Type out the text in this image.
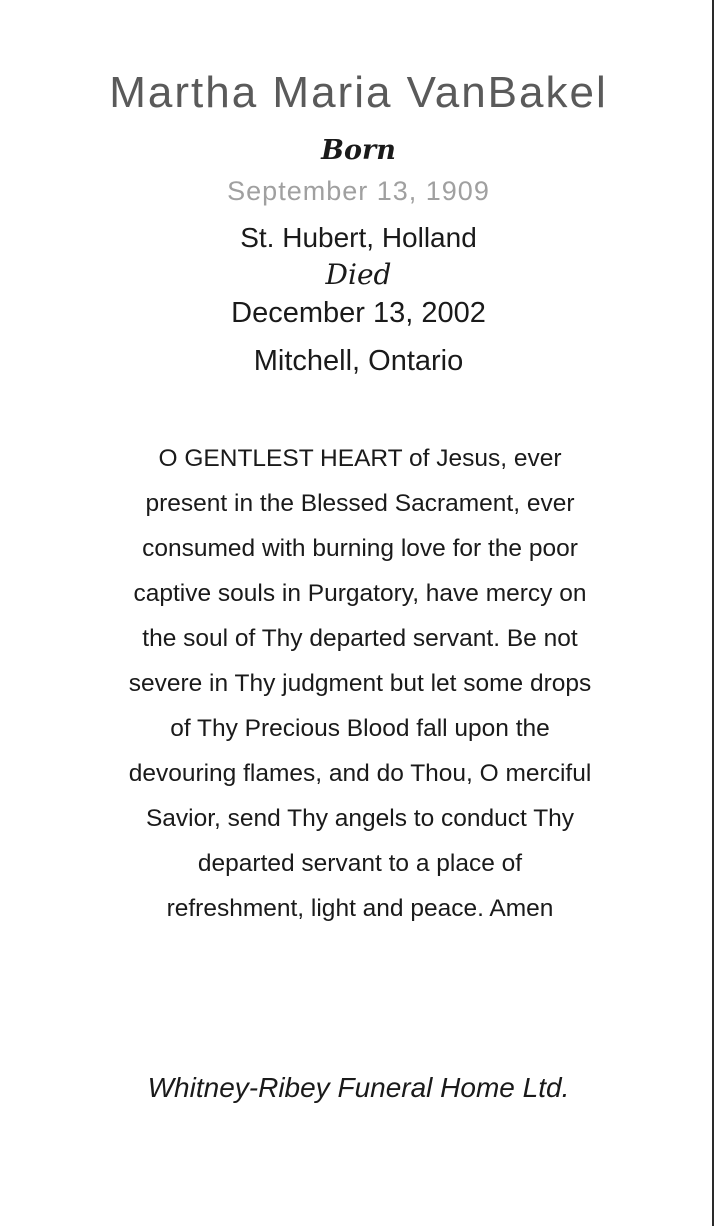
Martha Maria VanBakel
Born
September 13, 1909
St. Hubert, Holland
Died
December 13, 2002
Mitchell, Ontario
O GENTLEST HEART of Jesus, ever
present in the Blessed Sacrament, ever
consumed with burning love for the poor
captive souls in Purgatory, have mercy on
the soul of Thy departed servant. Be not
severe in Thy judgment but let some drops
of Thy Precious Blood fall upon the
devouring flames, and do Thou, O merciful
Savior, send Thy angels to conduct Thy
departed servant to a place of
refreshment, light and peace. Amen
Whitney-Ribey Funeral Home Ltd.
